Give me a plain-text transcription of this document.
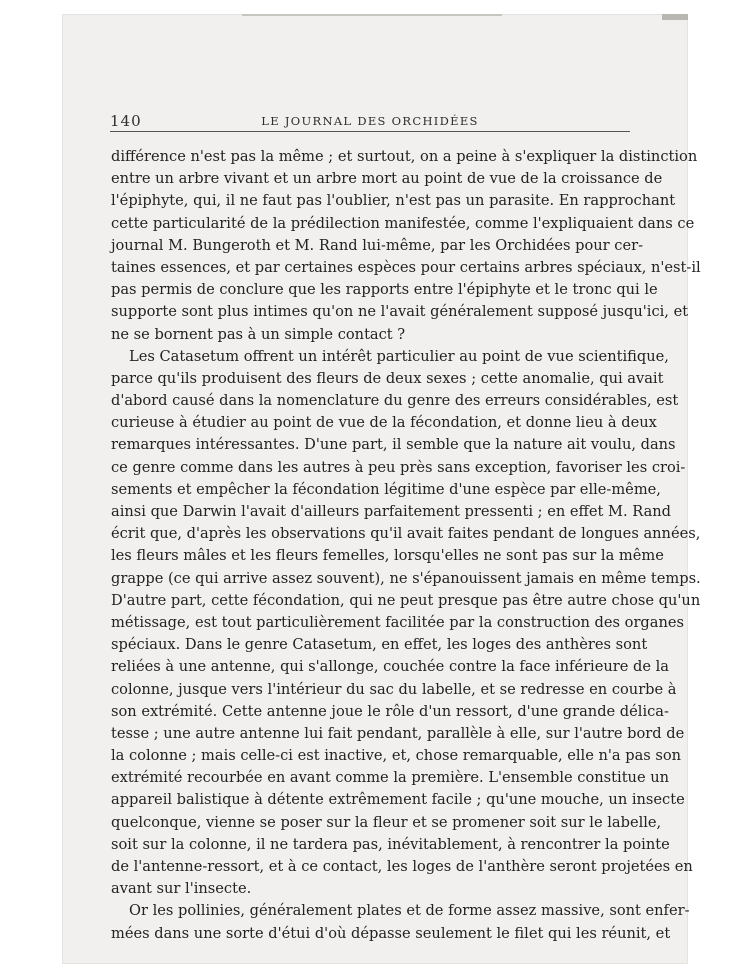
140	LE JOURNAL DES ORCHIDÉES
différence n'est pas la même ; et surtout, on a peine à s'expliquer la distinction
entre un arbre vivant et un arbre mort au point de vue de la croissance de
l'épiphyte, qui, il ne faut pas l'oublier, n'est pas un parasite. En rapprochant
cette particularité de la prédilection manifestée, comme l'expliquaient dans ce
journal M. Bungeroth et M. Rand lui-même, par les Orchidées pour cer-
taines essences, et par certaines espèces pour certains arbres spéciaux, n'est-il
pas permis de conclure que les rapports entre l'épiphyte et le tronc qui le
supporte sont plus intimes qu'on ne l'avait généralement supposé jusqu'ici, et
ne se bornent pas à un simple contact ?
Les Catasetum offrent un intérêt particulier au point de vue scientifique,
parce qu'ils produisent des fleurs de deux sexes ; cette anomalie, qui avait
d'abord causé dans la nomenclature du genre des erreurs considérables, est
curieuse à étudier au point de vue de la fécondation, et donne lieu à deux
remarques intéressantes. D'une part, il semble que la nature ait voulu, dans
ce genre comme dans les autres à peu près sans exception, favoriser les croi-
sements et empêcher la fécondation légitime d'une espèce par elle-même,
ainsi que Darwin l'avait d'ailleurs parfaitement pressenti ; en effet M. Rand
écrit que, d'après les observations qu'il avait faites pendant de longues années,
les fleurs mâles et les fleurs femelles, lorsqu'elles ne sont pas sur la même
grappe (ce qui arrive assez souvent), ne s'épanouissent jamais en même temps.
D'autre part, cette fécondation, qui ne peut presque pas être autre chose qu'un
métissage, est tout particulièrement facilitée par la construction des organes
spéciaux. Dans le genre Catasetum, en effet, les loges des anthères sont
reliées à une antenne, qui s'allonge, couchée contre la face inférieure de la
colonne, jusque vers l'intérieur du sac du labelle, et se redresse en courbe à
son extrémité. Cette antenne joue le rôle d'un ressort, d'une grande délica-
tesse ; une autre antenne lui fait pendant, parallèle à elle, sur l'autre bord de
la colonne ; mais celle-ci est inactive, et, chose remarquable, elle n'a pas son
extrémité recourbée en avant comme la première. L'ensemble constitue un
appareil balistique à détente extrêmement facile ; qu'une mouche, un insecte
quelconque, vienne se poser sur la fleur et se promener soit sur le labelle,
soit sur la colonne, il ne tardera pas, inévitablement, à rencontrer la pointe
de l'antenne-ressort, et à ce contact, les loges de l'anthère seront projetées en
avant sur l'insecte.
Or les pollinies, généralement plates et de forme assez massive, sont enfer-
mées dans une sorte d'étui d'où dépasse seulement le filet qui les réunit, et
